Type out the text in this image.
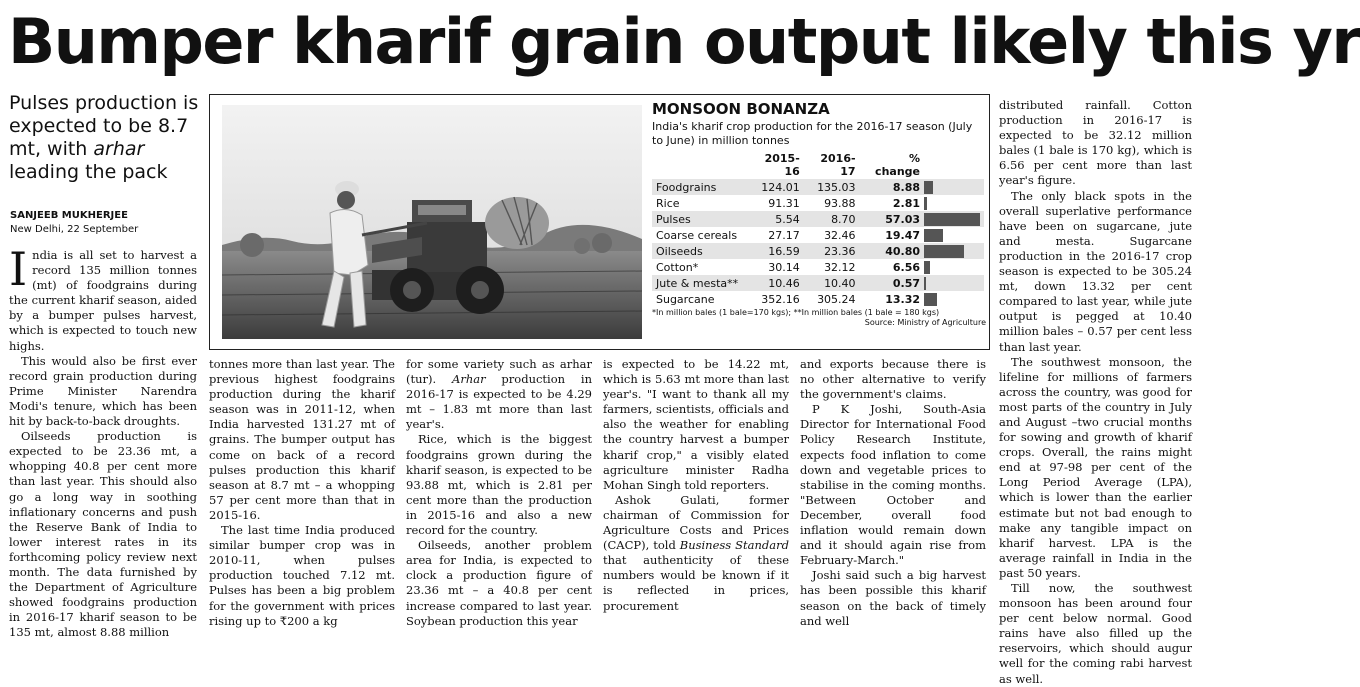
Bumper kharif grain output likely this yr
Pulses production is expected to be 8.7 mt, with arhar leading the pack
SANJEEB MUKHERJEE
New Delhi, 22 September

India is all set to harvest a record 135 million tonnes (mt) of foodgrains during the current kharif season, aided by a bumper pulses harvest, which is expected to touch new highs.

This would also be first ever record grain production during Prime Minister Narendra Modi's tenure, which has been hit by back-to-back droughts.

Oilseeds production is expected to be 23.36 mt, a whopping 40.8 per cent more than last year. This should also go a long way in soothing inflationary concerns and push the Reserve Bank of India to lower interest rates in its forthcoming policy review next month. The data furnished by the Department of Agriculture showed foodgrains production in 2016-17 kharif season to be 135 mt, almost 8.88 million

MONSOON BONANZA
India's kharif crop production for the 2016-17 season (July to June) in million tonnes
	2015-16	2016-17	% change	
Foodgrains	124.01	135.03	8.88	

Rice	91.31	93.88	2.81	

Pulses	5.54	8.70	57.03	

Coarse cereals	27.17	32.46	19.47	

Oilseeds	16.59	23.36	40.80	

Cotton*	30.14	32.12	6.56	

Jute & mesta**	10.46	10.40	0.57	

Sugarcane	352.16	305.24	13.32	
*In million bales (1 bale=170 kgs); **In million bales (1 bale = 180 kgs)
Source: Ministry of Agriculture

tonnes more than last year. The previous highest foodgrains production during the kharif season was in 2011-12, when India harvested 131.27 mt of grains. The bumper output has come on back of a record pulses production this kharif season at 8.7 mt – a whopping 57 per cent more than that in 2015-16.

The last time India produced similar bumper crop was in 2010-11, when pulses production touched 7.12 mt. Pulses has been a big problem for the government with prices rising up to ₹200 a kg

for some variety such as arhar (tur). Arhar production in 2016-17 is expected to be 4.29 mt – 1.83 mt more than last year's.

Rice, which is the biggest foodgrains grown during the kharif season, is expected to be 93.88 mt, which is 2.81 per cent more than the production in 2015-16 and also a new record for the country.

Oilseeds, another problem area for India, is expected to clock a production figure of 23.36 mt – a 40.8 per cent increase compared to last year. Soybean production this year

is expected to be 14.22 mt, which is 5.63 mt more than last year's. "I want to thank all my farmers, scientists, officials and also the weather for enabling the country harvest a bumper kharif crop," a visibly elated agriculture minister Radha Mohan Singh told reporters.

Ashok Gulati, former chairman of Commission for Agriculture Costs and Prices (CACP), told Business Standard that authenticity of these numbers would be known if it is reflected in prices, procurement

and exports because there is no other alternative to verify the government's claims.

P K Joshi, South-Asia Director for International Food Policy Research Institute, expects food inflation to come down and vegetable prices to stabilise in the coming months. "Between October and December, overall food inflation would remain down and it should again rise from February-March."

Joshi said such a big harvest has been possible this kharif season on the back of timely and well

distributed rainfall. Cotton production in 2016-17 is expected to be 32.12 million bales (1 bale is 170 kg), which is 6.56 per cent more than last year's figure.

The only black spots in the overall superlative performance have been on sugarcane, jute and mesta. Sugarcane production in the 2016-17 crop season is expected to be 305.24 mt, down 13.32 per cent compared to last year, while jute output is pegged at 10.40 million bales – 0.57 per cent less than last year.

The southwest monsoon, the lifeline for millions of farmers across the country, was good for most parts of the country in July and August –two crucial months for sowing and growth of kharif crops. Overall, the rains might end at 97-98 per cent of the Long Period Average (LPA), which is lower than the earlier estimate but not bad enough to make any tangible impact on kharif harvest. LPA is the average rainfall in India in the past 50 years.

Till now, the southwest monsoon has been around four per cent below normal. Good rains have also filled up the reservoirs, which should augur well for the coming rabi harvest as well.
